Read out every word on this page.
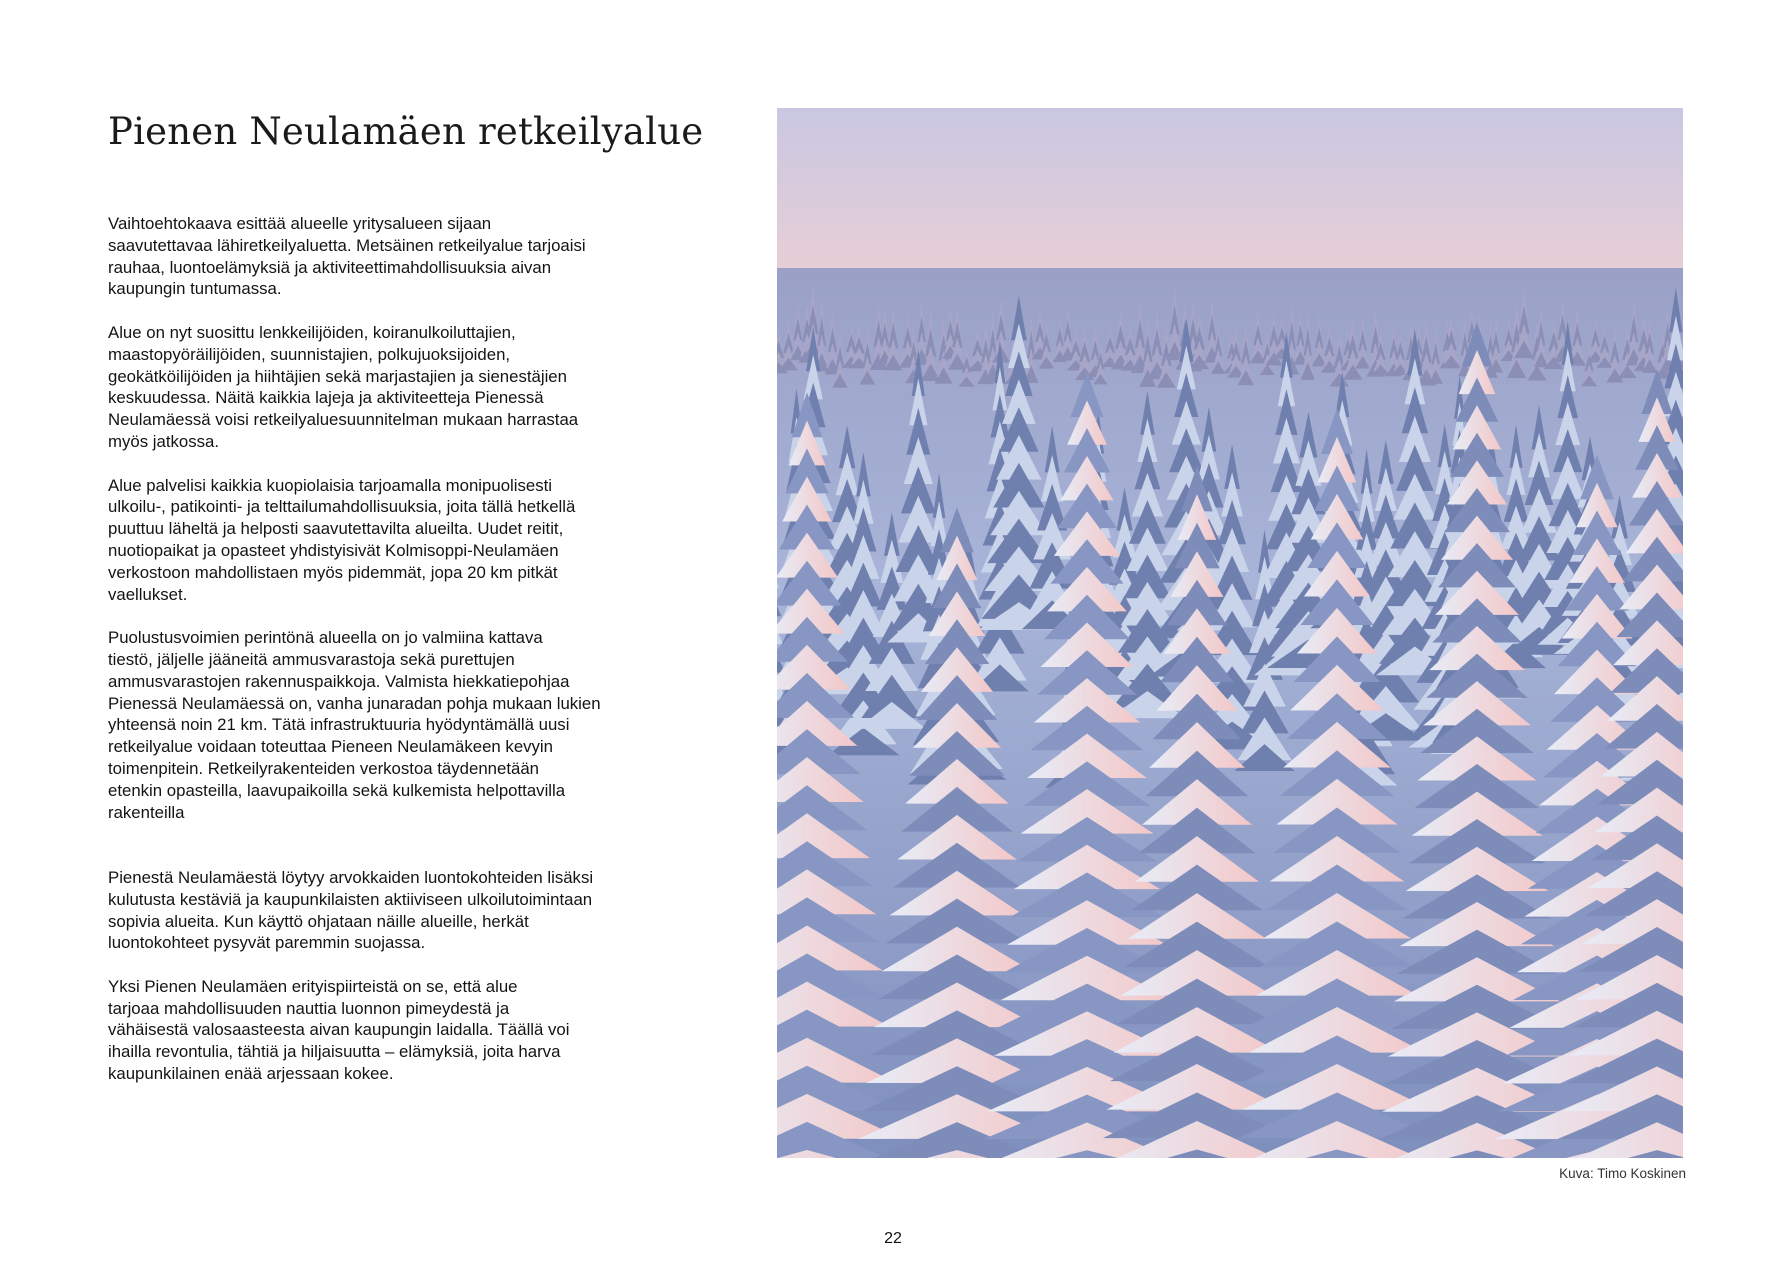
Pienen Neulamäen retkeilyalue

Vaihtoehtokaava esittää alueelle yritysalueen sijaan
saavutettavaa lähiretkeilyaluetta. Metsäinen retkeilyalue tarjoaisi
rauhaa, luontoelämyksiä ja aktiviteettimahdollisuuksia aivan
kaupungin tuntumassa.

Alue on nyt suosittu lenkkeilijöiden, koiranulkoiluttajien,
maastopyöräilijöiden, suunnistajien, polkujuoksijoiden,
geokätköilijöiden ja hiihtäjien sekä marjastajien ja sienestäjien
keskuudessa. Näitä kaikkia lajeja ja aktiviteetteja Pienessä
Neulamäessä voisi retkeilyaluesuunnitelman mukaan harrastaa
myös jatkossa.

Alue palvelisi kaikkia kuopiolaisia tarjoamalla monipuolisesti
ulkoilu-, patikointi- ja telttailumahdollisuuksia, joita tällä hetkellä
puuttuu läheltä ja helposti saavutettavilta alueilta. Uudet reitit,
nuotiopaikat ja opasteet yhdistyisivät Kolmisoppi-Neulamäen
verkostoon mahdollistaen myös pidemmät, jopa 20 km pitkät
vaellukset.

Puolustusvoimien perintönä alueella on jo valmiina kattava
tiestö, jäljelle jääneitä ammusvarastoja sekä purettujen
ammusvarastojen rakennuspaikkoja. Valmista hiekkatiepohjaa
Pienessä Neulamäessä on, vanha junaradan pohja mukaan lukien
yhteensä noin 21 km. Tätä infrastruktuuria hyödyntämällä uusi
retkeilyalue voidaan toteuttaa Pieneen Neulamäkeen kevyin
toimenpitein. Retkeilyrakenteiden verkostoa täydennetään
etenkin opasteilla, laavupaikoilla sekä kulkemista helpottavilla
rakenteilla

Pienestä Neulamäestä löytyy arvokkaiden luontokohteiden lisäksi
kulutusta kestäviä ja kaupunkilaisten aktiiviseen ulkoilutoimintaan
sopivia alueita. Kun käyttö ohjataan näille alueille, herkät
luontokohteet pysyvät paremmin suojassa.

Yksi Pienen Neulamäen erityispiirteistä on se, että alue
tarjoaa mahdollisuuden nauttia luonnon pimeydestä ja
vähäisestä valosaasteesta aivan kaupungin laidalla. Täällä voi
ihailla revontulia, tähtiä ja hiljaisuutta – elämyksiä, joita harva
kaupunkilainen enää arjessaan kokee.

Kuva: Timo Koskinen
22
